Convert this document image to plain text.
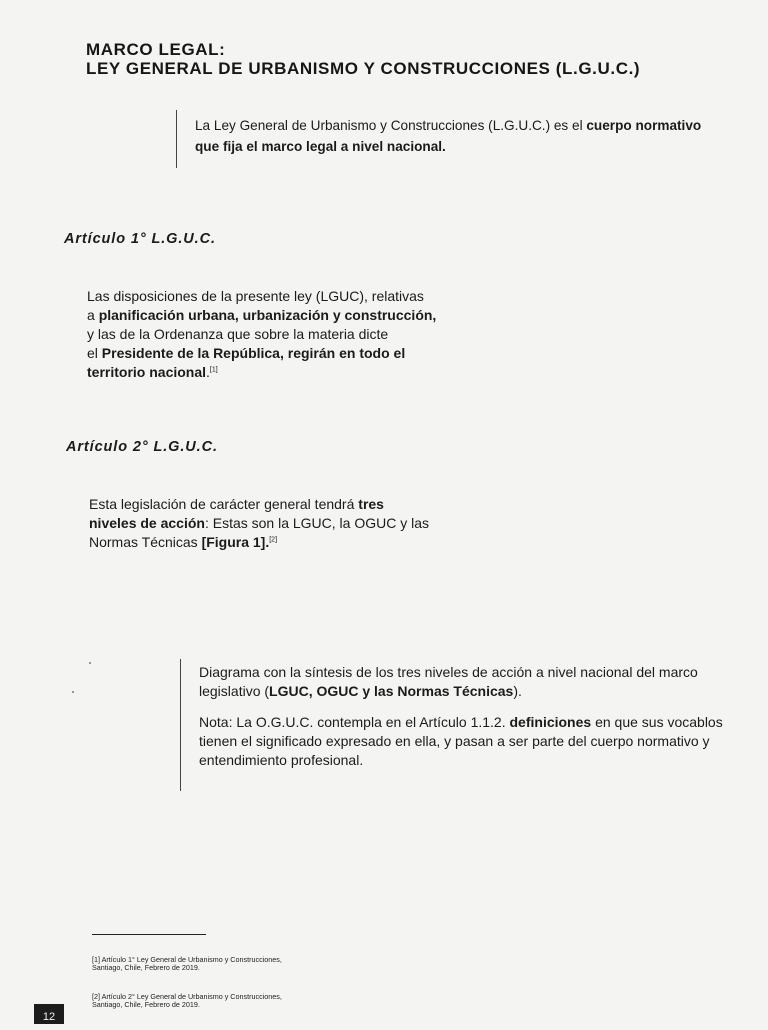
MARCO LEGAL:
LEY GENERAL DE URBANISMO Y CONSTRUCCIONES (L.G.U.C.)
La Ley General de Urbanismo y Construcciones (L.G.U.C.) es el cuerpo normativo
que fija el marco legal a nivel nacional.
Artículo 1° L.G.U.C.
Las disposiciones de la presente ley (LGUC), relativas
a planificación urbana, urbanización y construcción,
y las de la Ordenanza que sobre la materia dicte
el Presidente de la República, regirán en todo el
territorio nacional.[1]
Artículo 2° L.G.U.C.
Esta legislación de carácter general tendrá tres
niveles de acción: Estas son la LGUC, la OGUC y las
Normas Técnicas [Figura 1].[2]

Diagrama con la síntesis de los tres niveles de acción a nivel nacional del marco legislativo (LGUC, OGUC y las Normas Técnicas).

Nota: La O.G.U.C. contempla en el Artículo 1.1.2. definiciones en que sus vocablos tienen el significado expresado en ella, y pasan a ser parte del cuerpo normativo y entendimiento profesional.

[1] Artículo 1° Ley General de Urbanismo y Construcciones,
Santiago, Chile, Febrero de 2019.
[2] Artículo 2° Ley General de Urbanismo y Construcciones,
Santiago, Chile, Febrero de 2019.
12
